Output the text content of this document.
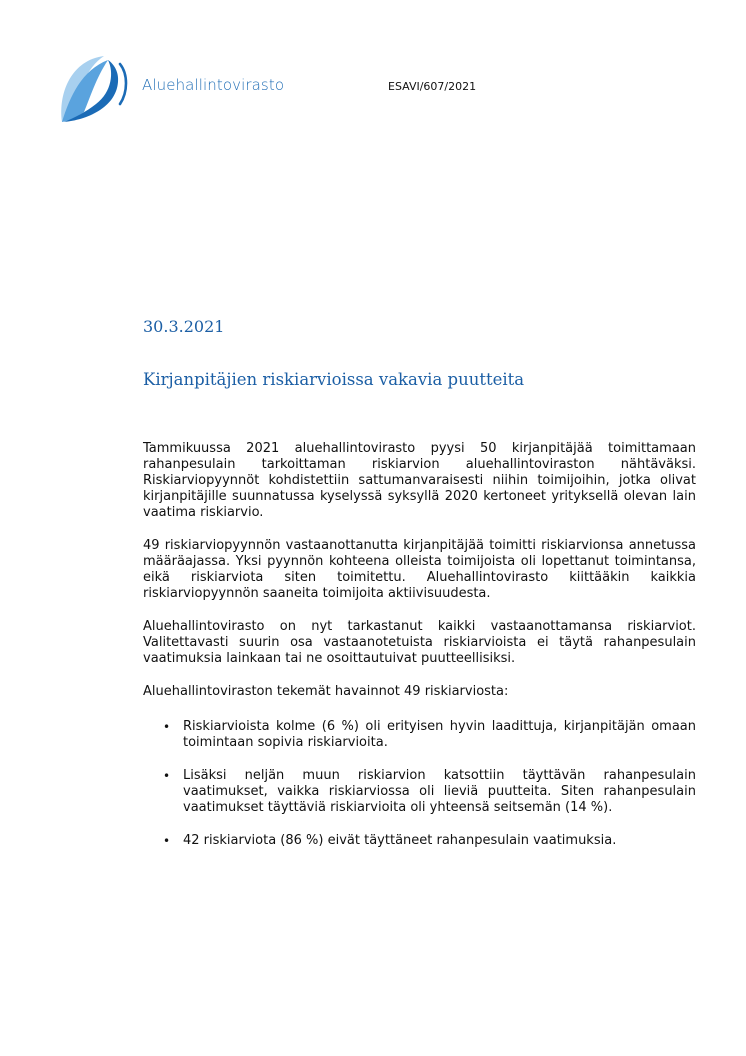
Aluehallintovirasto	ESAVI/607/2021
30.3.2021
Kirjanpitäjien riskiarvioissa vakavia puutteita

Tammikuussa 2021 aluehallintovirasto pyysi 50 kirjanpitäjää toimittamaan rahanpesulain tarkoittaman riskiarvion aluehallintoviraston nähtäväksi. Riskiarviopyynnöt kohdistettiin sattumanvaraisesti niihin toimijoihin, jotka olivat kirjanpitäjille suunnatussa kyselyssä syksyllä 2020 kertoneet yrityksellä olevan lain vaatima riskiarvio.

49 riskiarviopyynnön vastaanottanutta kirjanpitäjää toimitti riskiarvionsa annetussa määräajassa. Yksi pyynnön kohteena olleista toimijoista oli lopettanut toimintansa, eikä riskiarviota siten toimitettu. Aluehallintovirasto kiittääkin kaikkia riskiarviopyynnön saaneita toimijoita aktiivisuudesta.

Aluehallintovirasto on nyt tarkastanut kaikki vastaanottamansa riskiarviot. Valitettavasti suurin osa vastaanotetuista riskiarvioista ei täytä rahanpesulain vaatimuksia lainkaan tai ne osoittautuivat puutteellisiksi.

Aluehallintoviraston tekemät havainnot 49 riskiarviosta:

• Riskiarvioista kolme (6 %) oli erityisen hyvin laadittuja, kirjanpitäjän omaan toimintaan sopivia riskiarvioita.
• Lisäksi neljän muun riskiarvion katsottiin täyttävän rahanpesulain vaatimukset, vaikka riskiarviossa oli lieviä puutteita. Siten rahanpesulain vaatimukset täyttäviä riskiarvioita oli yhteensä seitsemän (14 %).
• 42 riskiarviota (86 %) eivät täyttäneet rahanpesulain vaatimuksia.
